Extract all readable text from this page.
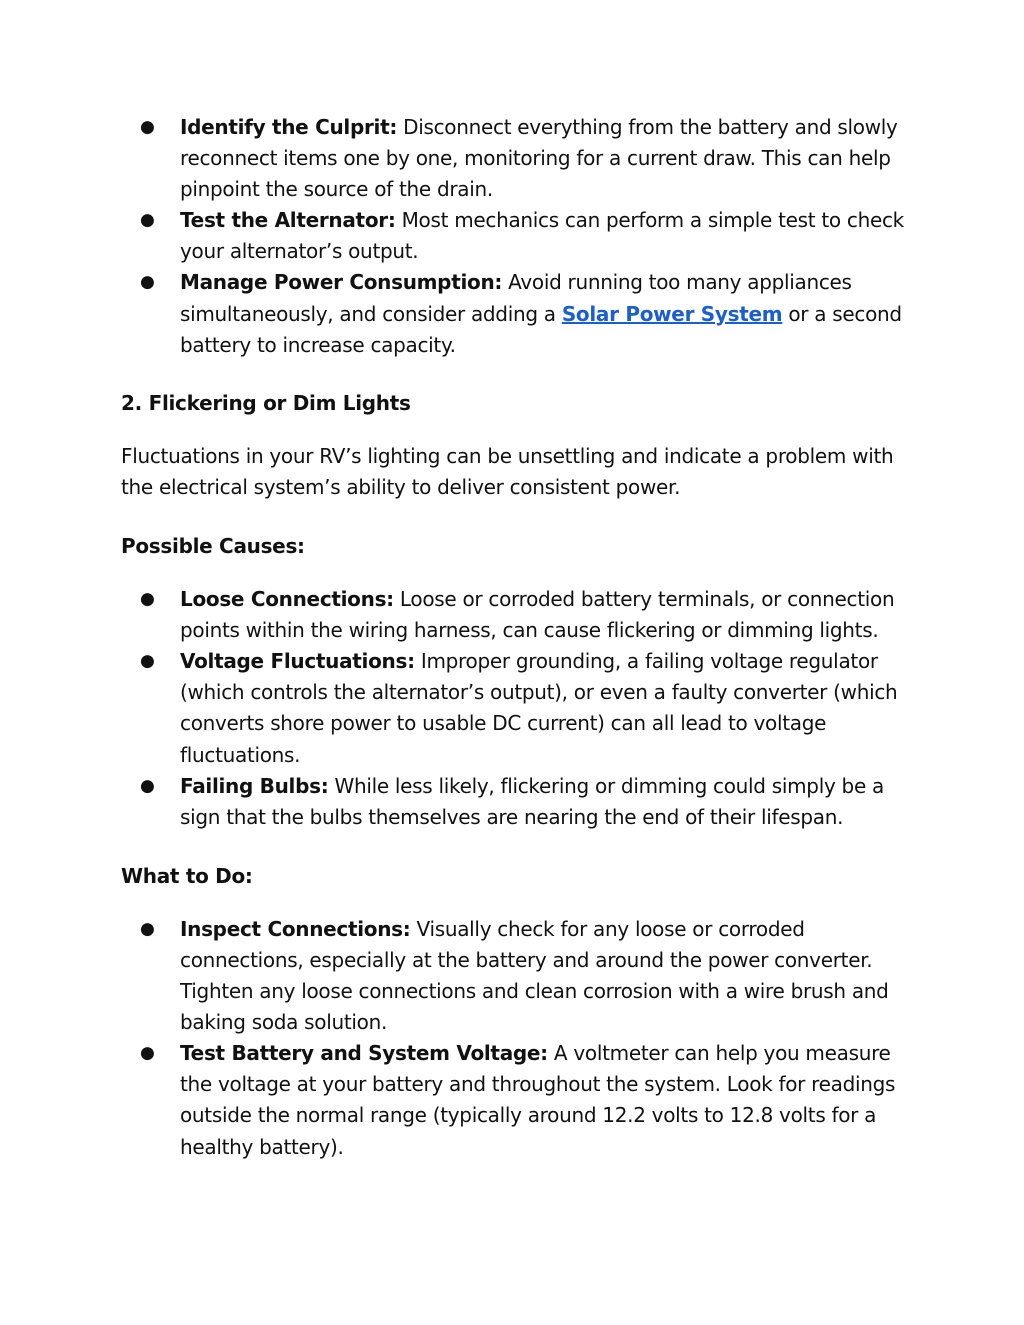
● Identify the Culprit: Disconnect everything from the battery and slowly reconnect items one by one, monitoring for a current draw. This can help pinpoint the source of the drain.
● Test the Alternator: Most mechanics can perform a simple test to check your alternator’s output.
● Manage Power Consumption: Avoid running too many appliances simultaneously, and consider adding a Solar Power System or a second battery to increase capacity.
2. Flickering or Dim Lights

Fluctuations in your RV’s lighting can be unsettling and indicate a problem with the electrical system’s ability to deliver consistent power.

Possible Causes:

● Loose Connections: Loose or corroded battery terminals, or connection points within the wiring harness, can cause flickering or dimming lights.
● Voltage Fluctuations: Improper grounding, a failing voltage regulator (which controls the alternator’s output), or even a faulty converter (which converts shore power to usable DC current) can all lead to voltage fluctuations.
● Failing Bulbs: While less likely, flickering or dimming could simply be a sign that the bulbs themselves are nearing the end of their lifespan.

What to Do:

● Inspect Connections: Visually check for any loose or corroded connections, especially at the battery and around the power converter. Tighten any loose connections and clean corrosion with a wire brush and baking soda solution.
● Test Battery and System Voltage: A voltmeter can help you measure the voltage at your battery and throughout the system. Look for readings outside the normal range (typically around 12.2 volts to 12.8 volts for a healthy battery).
